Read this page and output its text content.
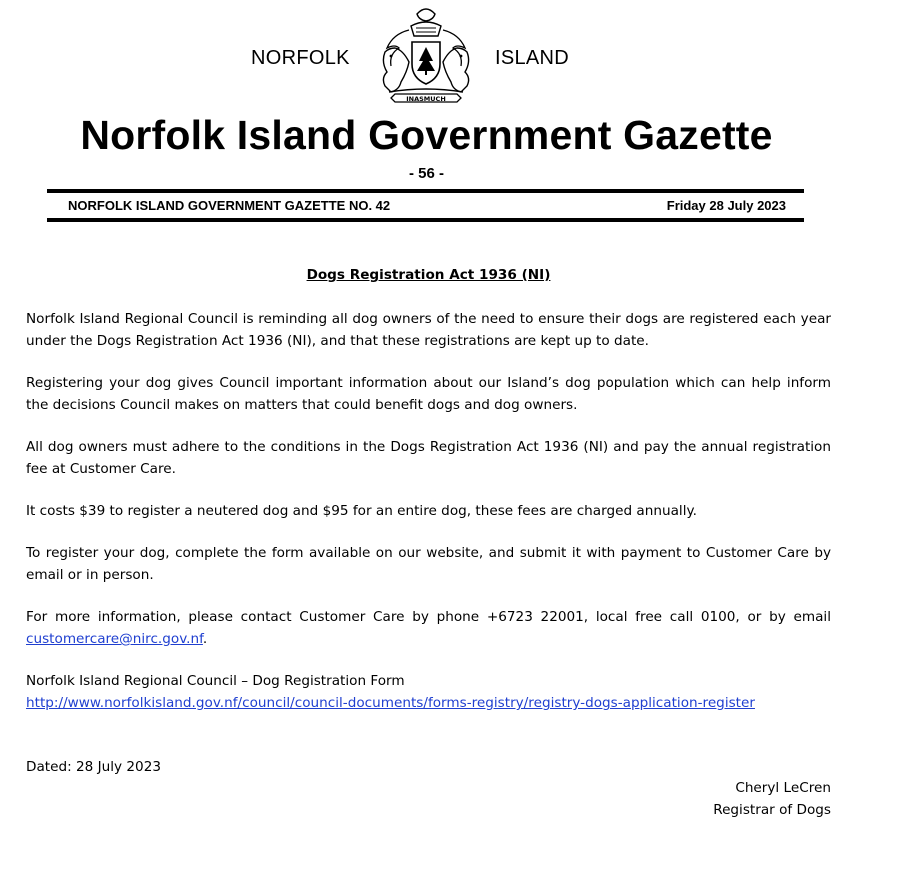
NORFOLK
INASMUCH
ISLAND
Norfolk Island Government Gazette
- 56 -
NORFOLK ISLAND GOVERNMENT GAZETTE NO. 42	Friday 28 July 2023
Dogs Registration Act 1936 (NI)

Norfolk Island Regional Council is reminding all dog owners of the need to ensure their dogs are registered each year under the Dogs Registration Act 1936 (NI), and that these registrations are kept up to date.

Registering your dog gives Council important information about our Island’s dog population which can help inform the decisions Council makes on matters that could benefit dogs and dog owners.

All dog owners must adhere to the conditions in the Dogs Registration Act 1936 (NI) and pay the annual registration fee at Customer Care.

It costs $39 to register a neutered dog and $95 for an entire dog, these fees are charged annually.

To register your dog, complete the form available on our website, and submit it with payment to Customer Care by email or in person.

For more information, please contact Customer Care by phone +6723 22001, local free call 0100, or by email customercare@nirc.gov.nf.

Norfolk Island Regional Council – Dog Registration Form
http://www.norfolkisland.gov.nf/council/council-documents/forms-registry/registry-dogs-application-register

Dated: 28 July 2023
Cheryl LeCren
Registrar of Dogs
